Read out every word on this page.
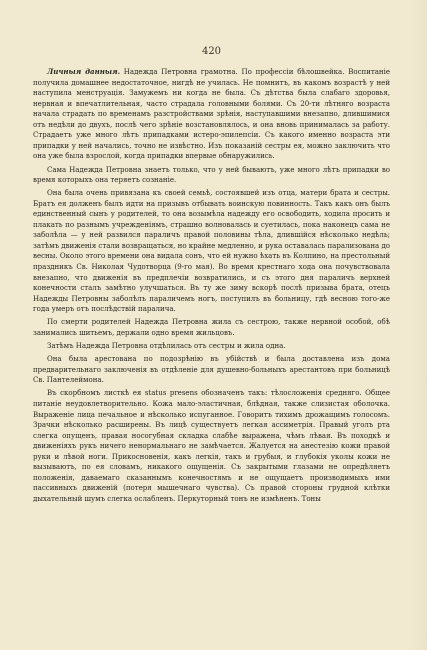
420

Личныя данныя. Надежда Петровна грамотна. По профессіи бѣлошвейка. Воспитаніе получила домашнее недостаточное, нигдѣ не училась. Не помнитъ, въ какомъ возрастѣ у ней наступила менструація. Замужемъ ни когда не была. Съ дѣтства была слабаго здоровья, нервная и впечатлительная, часто страдала головными болями. Съ 20-ти лѣтняго возраста начала страдать по временамъ разстройствами зрѣнія, наступавшими внезапно, длившимися отъ недѣли до двухъ, послѣ чего зрѣніе возстановлялось, и она вновь принималась за работу. Страдаетъ уже много лѣтъ припадками истеро-эпилепсіи. Съ какого именно возраста эти припадки у ней начались, точно не извѣстно. Изъ показаній сестры ея, можно заключить что она уже была взрослой, когда припадки впервые обнаружились.

Сама Надежда Петровна знаетъ только, что у ней бываютъ, уже много лѣтъ припадки во время которыхъ она теряетъ сознаніе.

Она была очень привязана къ своей семьѣ, состоявшей изъ отца, матери брата и сестры. Братъ ея долженъ былъ идти на призывъ отбывать воинскую повинность. Такъ какъ онъ былъ единственный сынъ у родителей, то она возымѣла надежду его освободить, ходила просить и плакать по разнымъ учрежденіямъ, страшно волновалась и суетилась, пока наконецъ сама не заболѣла — у ней развился параличъ правой половины тѣла, длившійся нѣсколько недѣль; затѣмъ движенія стали возвращаться, но крайне медленно, и рука оставалась парализована до весны. Около этого времени она видала сонъ, что ей нужно ѣхать въ Колпино, на престольный праздникъ Св. Николая Чудотворца (9-го мая). Во время крестнаго хода она почувствовала внезапно, что движенія въ предплечіи возвратились, и съ этого дня параличъ верхней конечности сталъ замѣтно улучшаться. Въ ту же зиму вскорѣ послѣ призыва брата, отецъ Надежды Петровны заболѣлъ параличемъ ногъ, поступилъ въ больницу, гдѣ весною того-же года умеръ отъ послѣдствій паралича.

По смерти родителей Надежда Петровна жила съ сестрою, также нервной особой, обѣ занимались шитьемъ, держали одно время жильцовъ.

Затѣмъ Надежда Петровна отдѣлилась отъ сестры и жила одна.

Она была арестована по подозрѣнію въ убійствѣ и была доставлена изъ дома предварительнаго заключенія въ отдѣленіе для душевно-больныхъ арестантовъ при больницѣ Св. Пантелеймона.

Въ скорбномъ листкѣ ея status presens обозначенъ такъ: тѣлосложенія средняго. Общее питаніе неудовлетворительно. Кожа мало-эластичная, блѣдная, также слизистая оболочка. Выраженіе лица печальное и нѣсколько испуганное. Говоритъ тихимъ дрожащимъ голосомъ. Зрачки нѣсколько расширены. Въ лицѣ существуетъ легкая ассиметрія. Правый уголъ рта слегка опущенъ, правая носогубная складка слабѣе выражена, чѣмъ лѣвая. Въ походкѣ и движеніяхъ рукъ ничего ненормальнаго не замѣчается. Жалуется на анестезію кожи правой руки и лѣвой ноги. Прикосновенія, какъ легкія, такъ и грубыя, и глубокія уколы кожи не вызываютъ, по ея словамъ, никакого ощущенія. Съ закрытыми глазами не опредѣляетъ положенія, даваемаго сказаннымъ конечностямъ и не ощущаетъ производимыхъ ими пассивныхъ движеній (потеря мышечнаго чувства). Съ правой стороны грудной клѣтки дыхательный шумъ слегка ослабленъ. Перкуторный тонъ не измѣненъ. Тоны
